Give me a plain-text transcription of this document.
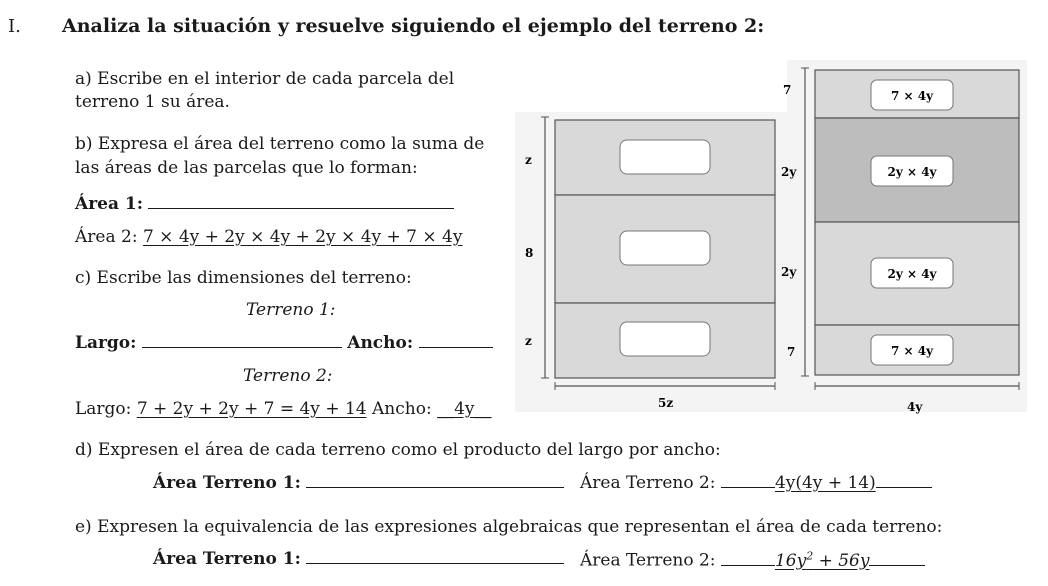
I. Analiza la situación y resuelve siguiendo el ejemplo del terreno 2:
a) Escribe en el interior de cada parcela del
terreno 1 su área.
b) Expresa el área del terreno como la suma de
las áreas de las parcelas que lo forman:
Área 1:
Área 2: 7 × 4y + 2y × 4y + 2y × 4y + 7 × 4y
c) Escribe las dimensiones del terreno:
Terreno 1:
Largo:	Ancho:
Terreno 2:
Largo: 7 + 2y + 2y + 7 = 4y + 14 Ancho: __4y__
d) Expresen el área de cada terreno como el producto del largo por ancho:
Área Terreno 1:	Área Terreno 2:	4y(4y + 14)
e) Expresen la equivalencia de las expresiones algebraicas que representan el área de cada terreno:
Área Terreno 1:	Área Terreno 2:	$16y^2 + 56y$
z
8
z
5z
7 × 4y
2y × 4y
2y × 4y
7 × 4y
7
2y
2y
7
4y
